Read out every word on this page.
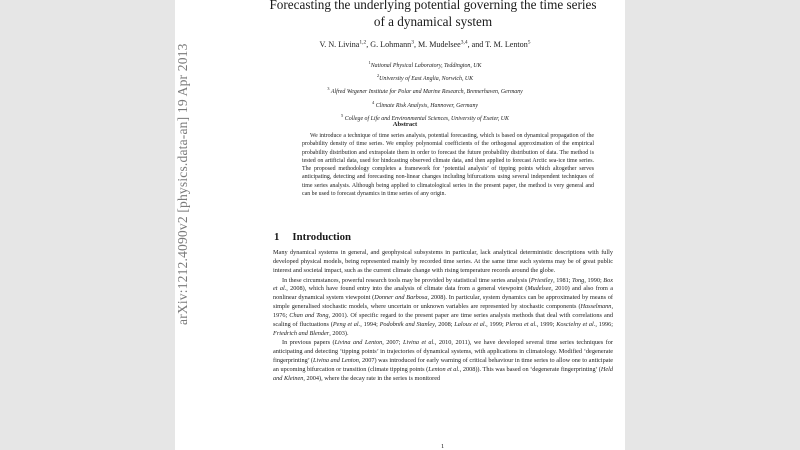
arXiv:1212.4090v2 [physics.data-an] 19 Apr 2013
Forecasting the underlying potential governing the time series
of a dynamical system
V. N. Livina$^{1,2}$, G. Lohmann$^3$, M. Mudelsee$^{3,4}$, and T. M. Lenton$^5$
$^1$National Physical Laboratory, Teddington, UK
$^2$University of East Anglia, Norwich, UK
$^3$ Alfred Wegener Institute for Polar and Marine Research, Bremerhaven, Germany
$^4$ Climate Risk Analysis, Hannover, Germany
$^5$ College of Life and Environmental Sciences, University of Exeter, UK
Abstract
We introduce a technique of time series analysis, potential forecasting, which is based on dynamical propagation of the probability density of time series. We employ polynomial coefficients of the orthogonal approximation of the empirical probability distribution and extrapolate them in order to forecast the future probability distribution of data. The method is tested on artificial data, used for hindcasting observed climate data, and then applied to forecast Arctic sea-ice time series. The proposed methodology completes a framework for ‘potential analysis’ of tipping points which altogether serves anticipating, detecting and forecasting non-linear changes including bifurcations using several independent techniques of time series analysis. Although being applied to climatological series in the present paper, the method is very general and can be used to forecast dynamics in time series of any origin.
1 Introduction

Many dynamical systems in general, and geophysical subsystems in particular, lack analytical deterministic descriptions with fully developed physical models, being represented mainly by recorded time series. At the same time such systems may be of great public interest and societal impact, such as the current climate change with rising temperature records around the globe.

In these circumstances, powerful research tools may be provided by statistical time series analysis (Priestley, 1981; Tong, 1990; Box et al., 2008), which have found entry into the analysis of climate data from a general viewpoint (Mudelsee, 2010) and also from a nonlinear dynamical system viewpoint (Donner and Barbosa, 2008). In particular, system dynamics can be approximated by means of simple generalised stochastic models, where uncertain or unknown variables are represented by stochastic components (Hasselmann, 1976; Chan and Tong, 2001). Of specific regard to the present paper are time series analysis methods that deal with correlations and scaling of fluctuations (Peng et al., 1994; Podobnik and Stanley, 2008; Laloux et al., 1999; Plerou et al., 1999; Koscielny et al., 1996; Friedrich and Blender, 2003).

In previous papers (Livina and Lenton, 2007; Livina et al., 2010, 2011), we have developed several time series techniques for anticipating and detecting ‘tipping points’ in trajectories of dynamical systems, with applications in climatology. Modified ‘degenerate fingerprinting’ (Livina and Lenton, 2007) was introduced for early warning of critical behaviour in time series to allow one to anticipate an upcoming bifurcation or transition (climate tipping points (Lenton et al., 2008)). This was based on ‘degenerate fingerprinting’ (Held and Kleinen, 2004), where the decay rate in the series is monitored

1
